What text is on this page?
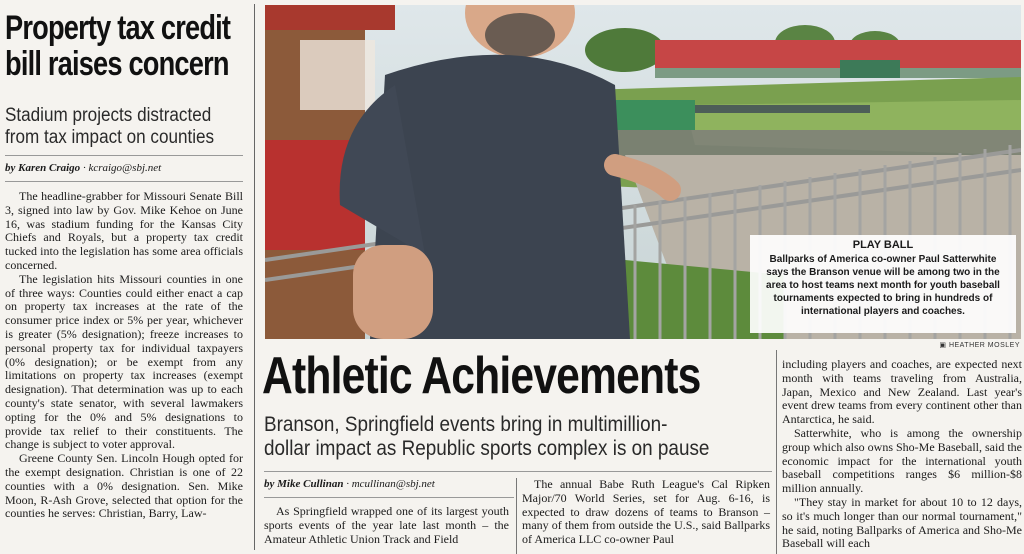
Property tax credit
bill raises concern
Stadium projects distracted
from tax impact on counties
by Karen Craigo · kcraigo@sbj.net

The headline-grabber for Missouri Senate Bill 3, signed into law by Gov. Mike Kehoe on June 16, was stadium funding for the Kansas City Chiefs and Royals, but a property tax credit tucked into the legislation has some area officials concerned.

The legislation hits Missouri counties in one of three ways: Counties could either enact a cap on property tax increases at the rate of the consumer price index or 5% per year, whichever is greater (5% designation); freeze increases to personal property tax for individual taxpayers (0% designation); or be exempt from any limitations on property tax increases (exempt designation). That determination was up to each county's state senator, with several lawmakers opting for the 0% and 5% designations to provide tax relief to their constituents. The change is subject to voter approval.

Greene County Sen. Lincoln Hough opted for the exempt designation. Christian is one of 22 counties with a 0% designation. Sen. Mike Moon, R-Ash Grove, selected that option for the counties he serves: Christian, Barry, Law-

PLAY BALL
Ballparks of America co-owner Paul Satterwhite says the Branson venue will be among two in the area to host teams next month for youth baseball tournaments expected to bring in hundreds of international players and coaches.
▣ HEATHER MOSLEY
Athletic Achievements
Branson, Springfield events bring in multimillion-
dollar impact as Republic sports complex is on pause
by Mike Cullinan · mcullinan@sbj.net

As Springfield wrapped one of its largest youth sports events of the year late last month – the Amateur Athletic Union Track and Field

The annual Babe Ruth League's Cal Ripken Major/70 World Series, set for Aug. 6-16, is expected to draw dozens of teams to Branson – many of them from outside the U.S., said Ballparks of America LLC co-owner Paul

including players and coaches, are expected next month with teams traveling from Australia, Japan, Mexico and New Zealand. Last year's event drew teams from every continent other than Antarctica, he said.

Satterwhite, who is among the ownership group which also owns Sho-Me Baseball, said the economic impact for the international youth baseball competitions ranges $6 million-$8 million annually.

"They stay in market for about 10 to 12 days, so it's much longer than our normal tournament," he said, noting Ballparks of America and Sho-Me Baseball will each
